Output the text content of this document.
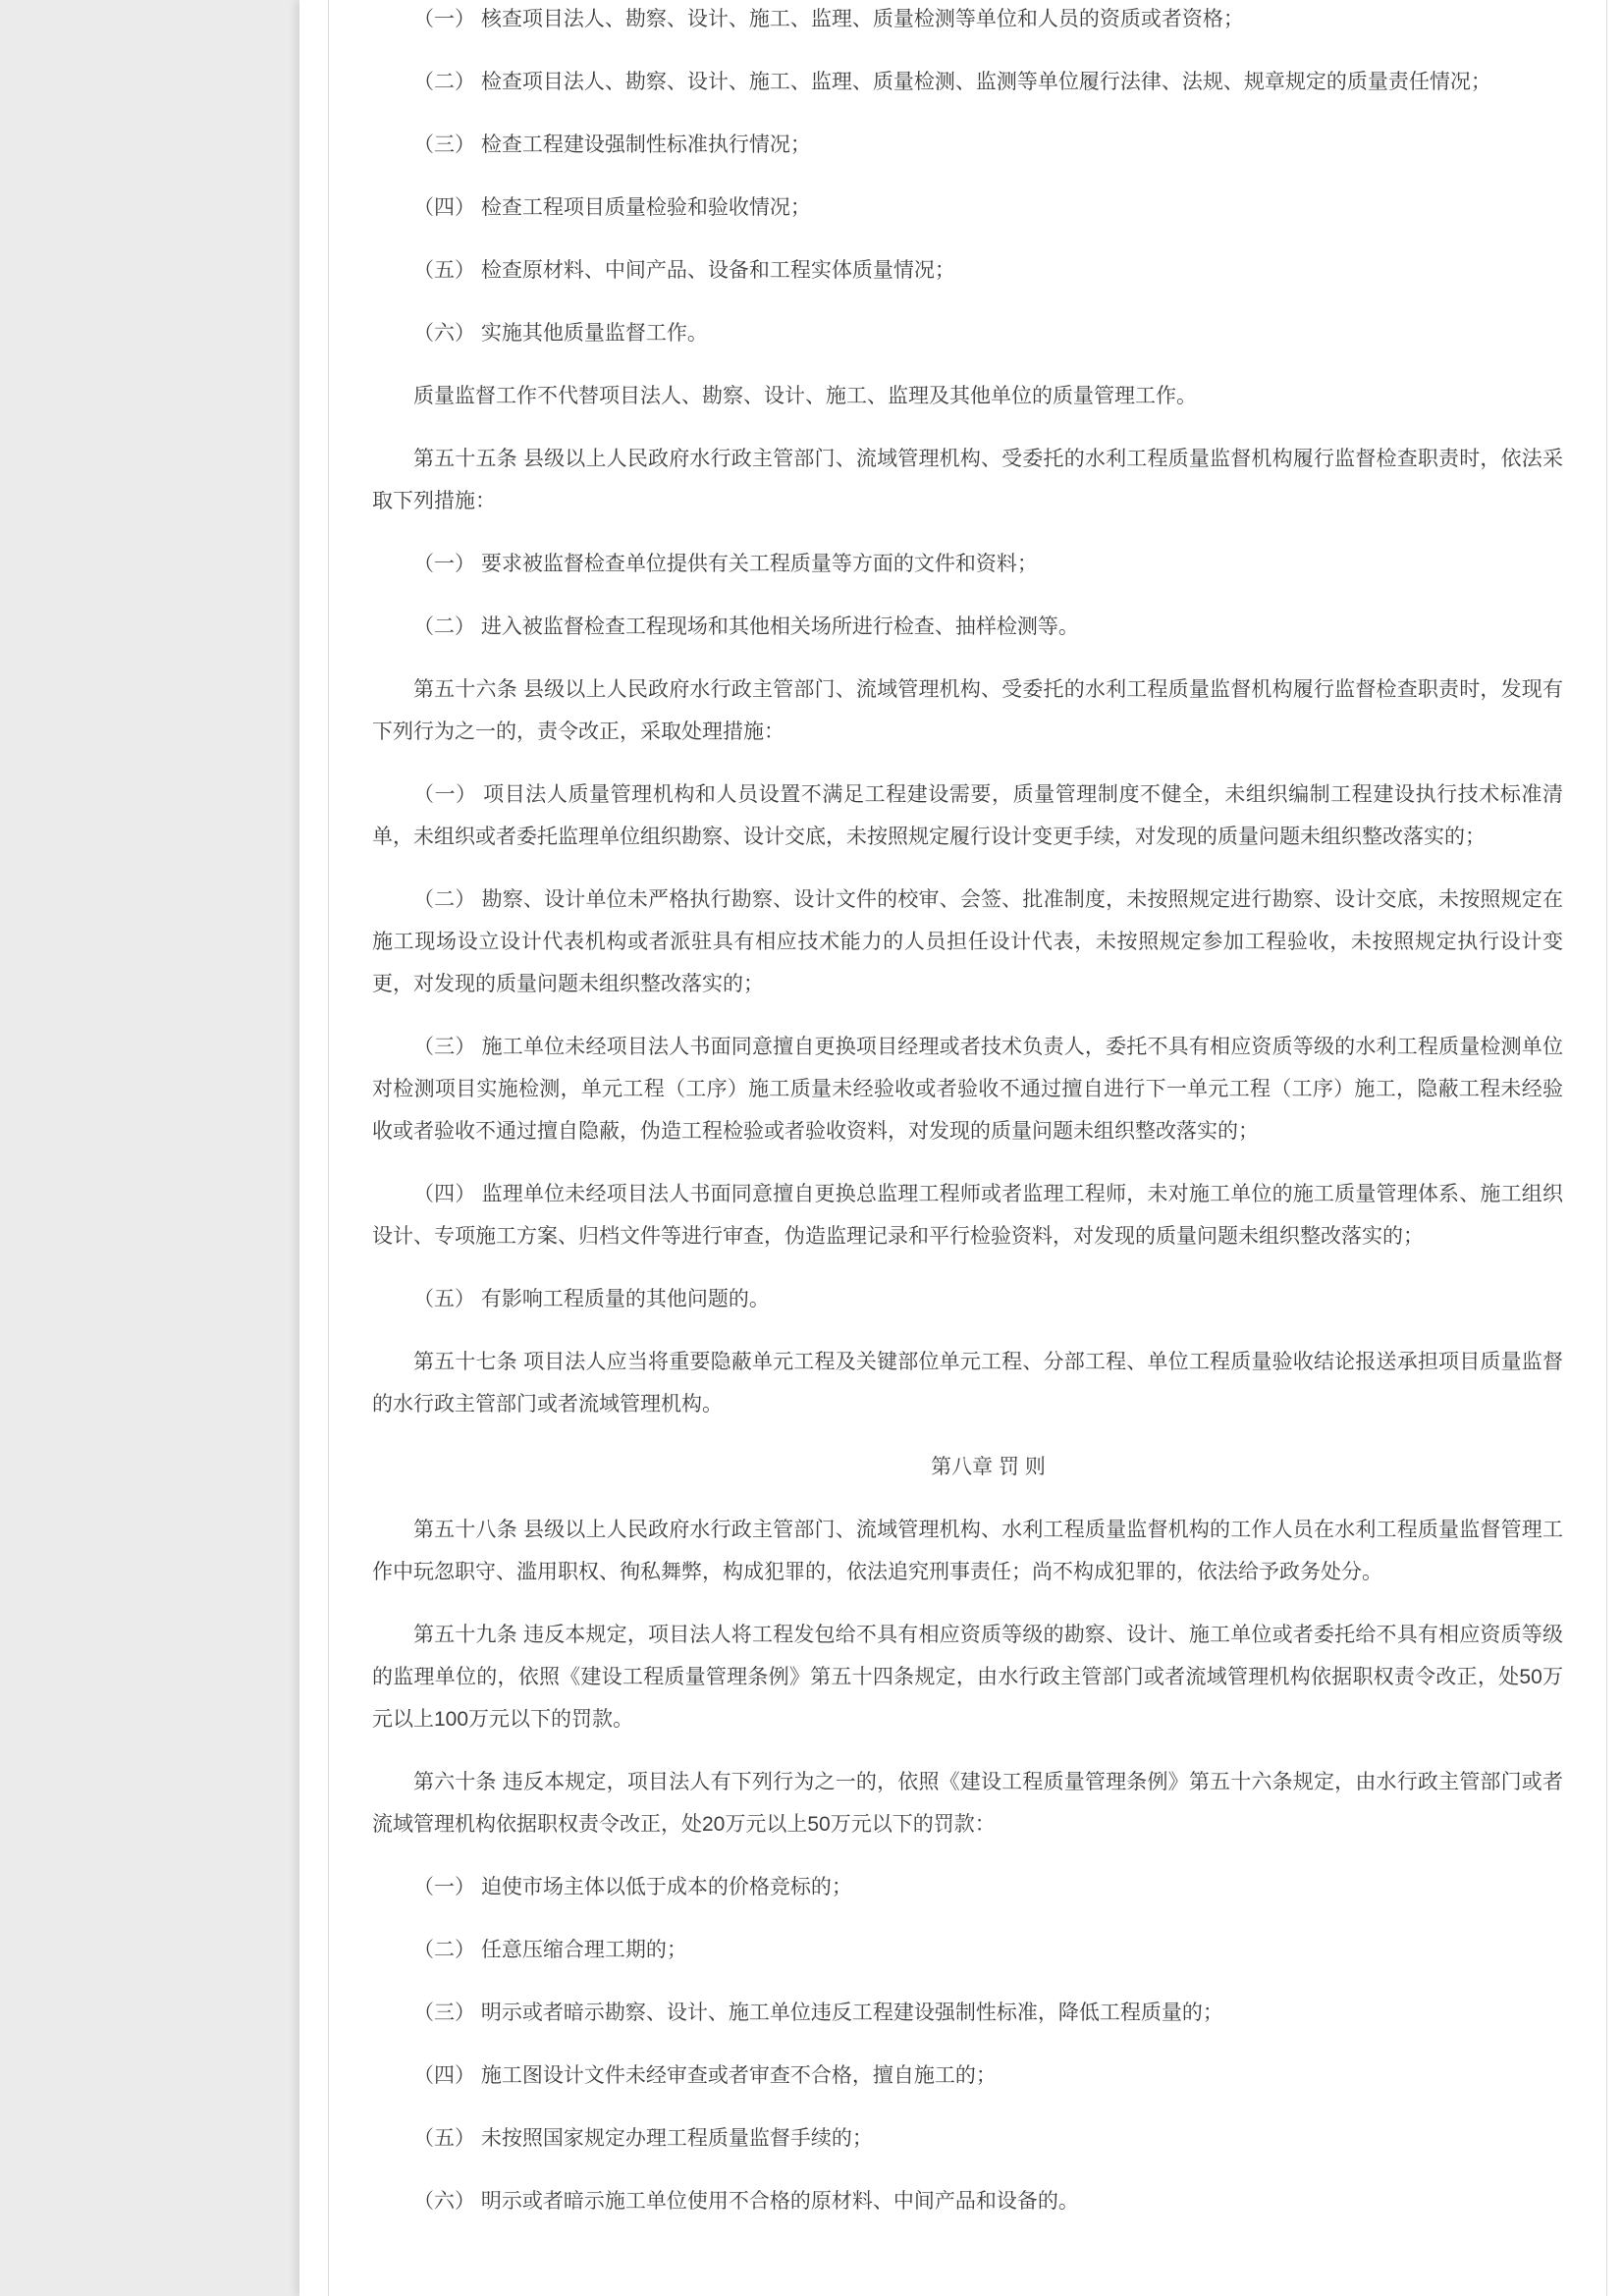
（一） 核查项目法人、勘察、设计、施工、监理、质量检测等单位和人员的资质或者资格；

（二） 检查项目法人、勘察、设计、施工、监理、质量检测、监测等单位履行法律、法规、规章规定的质量责任情况；

（三） 检查工程建设强制性标准执行情况；

（四） 检查工程项目质量检验和验收情况；

（五） 检查原材料、中间产品、设备和工程实体质量情况；

（六） 实施其他质量监督工作。

质量监督工作不代替项目法人、勘察、设计、施工、监理及其他单位的质量管理工作。

第五十五条 县级以上人民政府水行政主管部门、流域管理机构、受委托的水利工程质量监督机构履行监督检查职责时，依法采取下列措施：

（一） 要求被监督检查单位提供有关工程质量等方面的文件和资料；

（二） 进入被监督检查工程现场和其他相关场所进行检查、抽样检测等。

第五十六条 县级以上人民政府水行政主管部门、流域管理机构、受委托的水利工程质量监督机构履行监督检查职责时，发现有下列行为之一的，责令改正，采取处理措施：

（一） 项目法人质量管理机构和人员设置不满足工程建设需要，质量管理制度不健全，未组织编制工程建设执行技术标准清单，未组织或者委托监理单位组织勘察、设计交底，未按照规定履行设计变更手续，对发现的质量问题未组织整改落实的；

（二） 勘察、设计单位未严格执行勘察、设计文件的校审、会签、批准制度，未按照规定进行勘察、设计交底，未按照规定在施工现场设立设计代表机构或者派驻具有相应技术能力的人员担任设计代表，未按照规定参加工程验收，未按照规定执行设计变更，对发现的质量问题未组织整改落实的；

（三） 施工单位未经项目法人书面同意擅自更换项目经理或者技术负责人，委托不具有相应资质等级的水利工程质量检测单位对检测项目实施检测，单元工程（工序）施工质量未经验收或者验收不通过擅自进行下一单元工程（工序）施工，隐蔽工程未经验收或者验收不通过擅自隐蔽，伪造工程检验或者验收资料，对发现的质量问题未组织整改落实的；

（四） 监理单位未经项目法人书面同意擅自更换总监理工程师或者监理工程师，未对施工单位的施工质量管理体系、施工组织设计、专项施工方案、归档文件等进行审查，伪造监理记录和平行检验资料，对发现的质量问题未组织整改落实的；

（五） 有影响工程质量的其他问题的。

第五十七条 项目法人应当将重要隐蔽单元工程及关键部位单元工程、分部工程、单位工程质量验收结论报送承担项目质量监督的水行政主管部门或者流域管理机构。

第八章 罚 则

第五十八条 县级以上人民政府水行政主管部门、流域管理机构、水利工程质量监督机构的工作人员在水利工程质量监督管理工作中玩忽职守、滥用职权、徇私舞弊，构成犯罪的，依法追究刑事责任；尚不构成犯罪的，依法给予政务处分。

第五十九条 违反本规定，项目法人将工程发包给不具有相应资质等级的勘察、设计、施工单位或者委托给不具有相应资质等级的监理单位的，依照《建设工程质量管理条例》第五十四条规定，由水行政主管部门或者流域管理机构依据职权责令改正，处50万元以上100万元以下的罚款。

第六十条 违反本规定，项目法人有下列行为之一的，依照《建设工程质量管理条例》第五十六条规定，由水行政主管部门或者流域管理机构依据职权责令改正，处20万元以上50万元以下的罚款：

（一） 迫使市场主体以低于成本的价格竞标的；

（二） 任意压缩合理工期的；

（三） 明示或者暗示勘察、设计、施工单位违反工程建设强制性标准，降低工程质量的；

（四） 施工图设计文件未经审查或者审查不合格，擅自施工的；

（五） 未按照国家规定办理工程质量监督手续的；

（六） 明示或者暗示施工单位使用不合格的原材料、中间产品和设备的。
